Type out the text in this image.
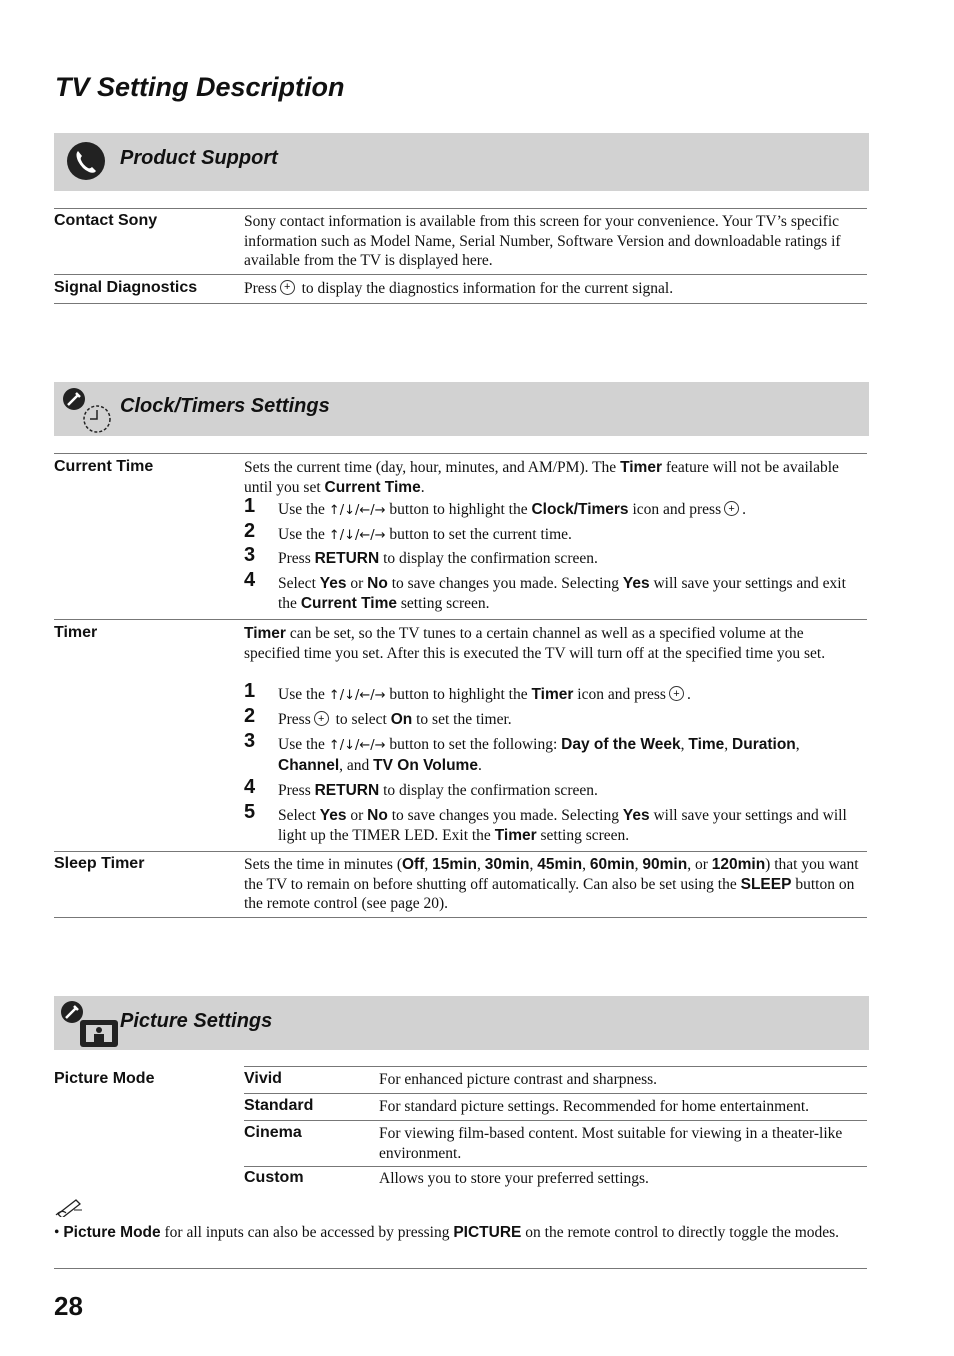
TV Setting Description
Product Support
Contact Sony	Sony contact information is available from this screen for your convenience. Your TV’s specific information such as Model Name, Serial Number, Software Version and downloadable ratings if available from the TV is displayed here.
Signal Diagnostics	Press + to display the diagnostics information for the current signal.
Clock/Timers Settings
Current Time	Sets the current time (day, hour, minutes, and AM/PM). The Timer feature will not be available until you set Current Time.
1 Use the ↑/↓/←/→ button to highlight the Clock/Timers icon and press + .
2 Use the ↑/↓/←/→ button to set the current time.
3 Press RETURN to display the confirmation screen.
4 Select Yes or No to save changes you made. Selecting Yes will save your settings and exit the Current Time setting screen.
Timer	Timer can be set, so the TV tunes to a certain channel as well as a specified volume at the specified time you set. After this is executed the TV will turn off at the specified time you set.
1 Use the ↑/↓/←/→ button to highlight the Timer icon and press + .
2 Press + to select On to set the timer.
3 Use the ↑/↓/←/→ button to set the following: Day of the Week, Time, Duration, Channel, and TV On Volume.
4 Press RETURN to display the confirmation screen.
5 Select Yes or No to save changes you made. Selecting Yes will save your settings and will light up the TIMER LED. Exit the Timer setting screen.
Sleep Timer	Sets the time in minutes (Off, 15min, 30min, 45min, 60min, 90min, or 120min) that you want the TV to remain on before shutting off automatically. Can also be set using the SLEEP button on the remote control (see page 20).
Picture Settings
Picture Mode	Vivid	For enhanced picture contrast and sharpness.
Standard	For standard picture settings. Recommended for home entertainment.
Cinema	For viewing film-based content. Most suitable for viewing in a theater-like environment.
Custom	Allows you to store your preferred settings.
• Picture Mode for all inputs can also be accessed by pressing PICTURE on the remote control to directly toggle the modes.
28
